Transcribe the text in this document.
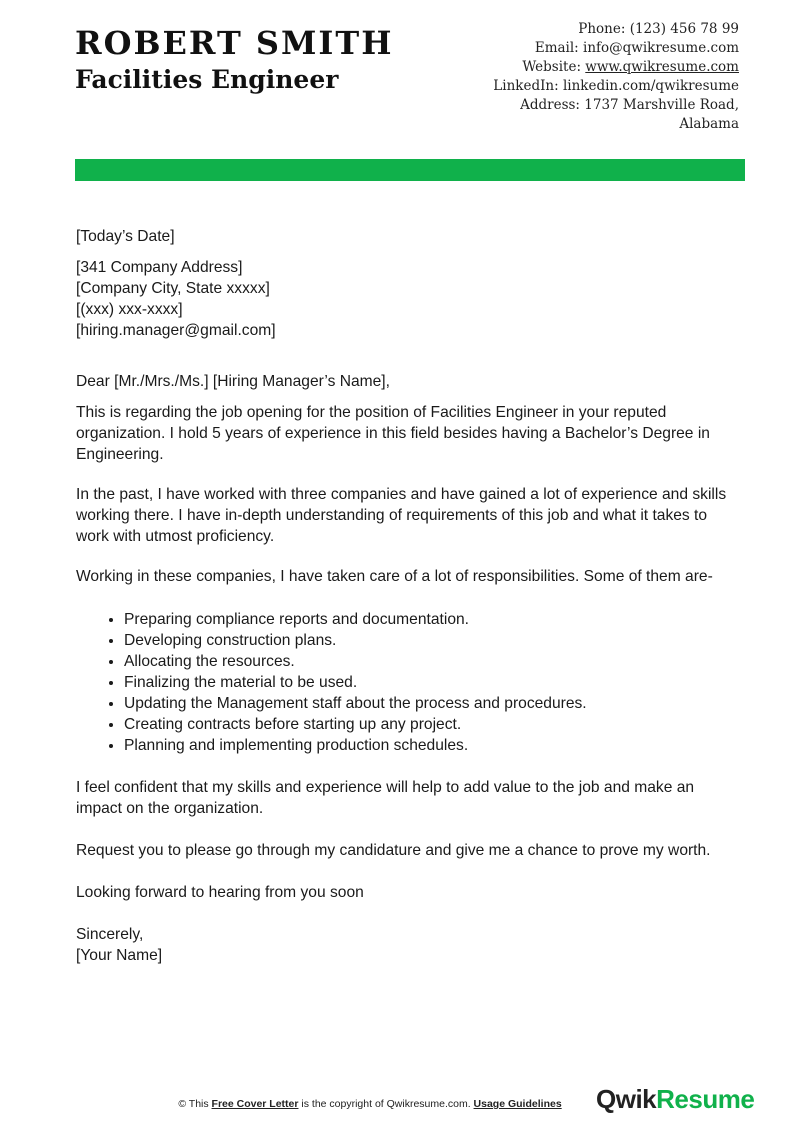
ROBERT SMITH
Facilities Engineer
Phone: (123) 456 78 99
Email: info@qwikresume.com
Website: www.qwikresume.com
LinkedIn: linkedin.com/qwikresume
Address: 1737 Marshville Road,
Alabama

[Today’s Date]

[341 Company Address]

[Company City, State xxxxx]

[(xxx) xxx-xxxx]

[hiring.manager@gmail.com]

Dear [Mr./Mrs./Ms.] [Hiring Manager’s Name],

This is regarding the job opening for the position of Facilities Engineer in your reputed organization. I hold 5 years of experience in this field besides having a Bachelor’s Degree in Engineering.

In the past, I have worked with three companies and have gained a lot of experience and skills working there. I have in-depth understanding of requirements of this job and what it takes to work with utmost proficiency.

Working in these companies, I have taken care of a lot of responsibilities. Some of them are-

• Preparing compliance reports and documentation.
• Developing construction plans.
• Allocating the resources.
• Finalizing the material to be used.
• Updating the Management staff about the process and procedures.
• Creating contracts before starting up any project.
• Planning and implementing production schedules.

I feel confident that my skills and experience will help to add value to the job and make an impact on the organization.

Request you to please go through my candidature and give me a chance to prove my worth.

Looking forward to hearing from you soon

Sincerely,

[Your Name]

© This Free Cover Letter is the copyright of Qwikresume.com. Usage Guidelines	QwikResume
